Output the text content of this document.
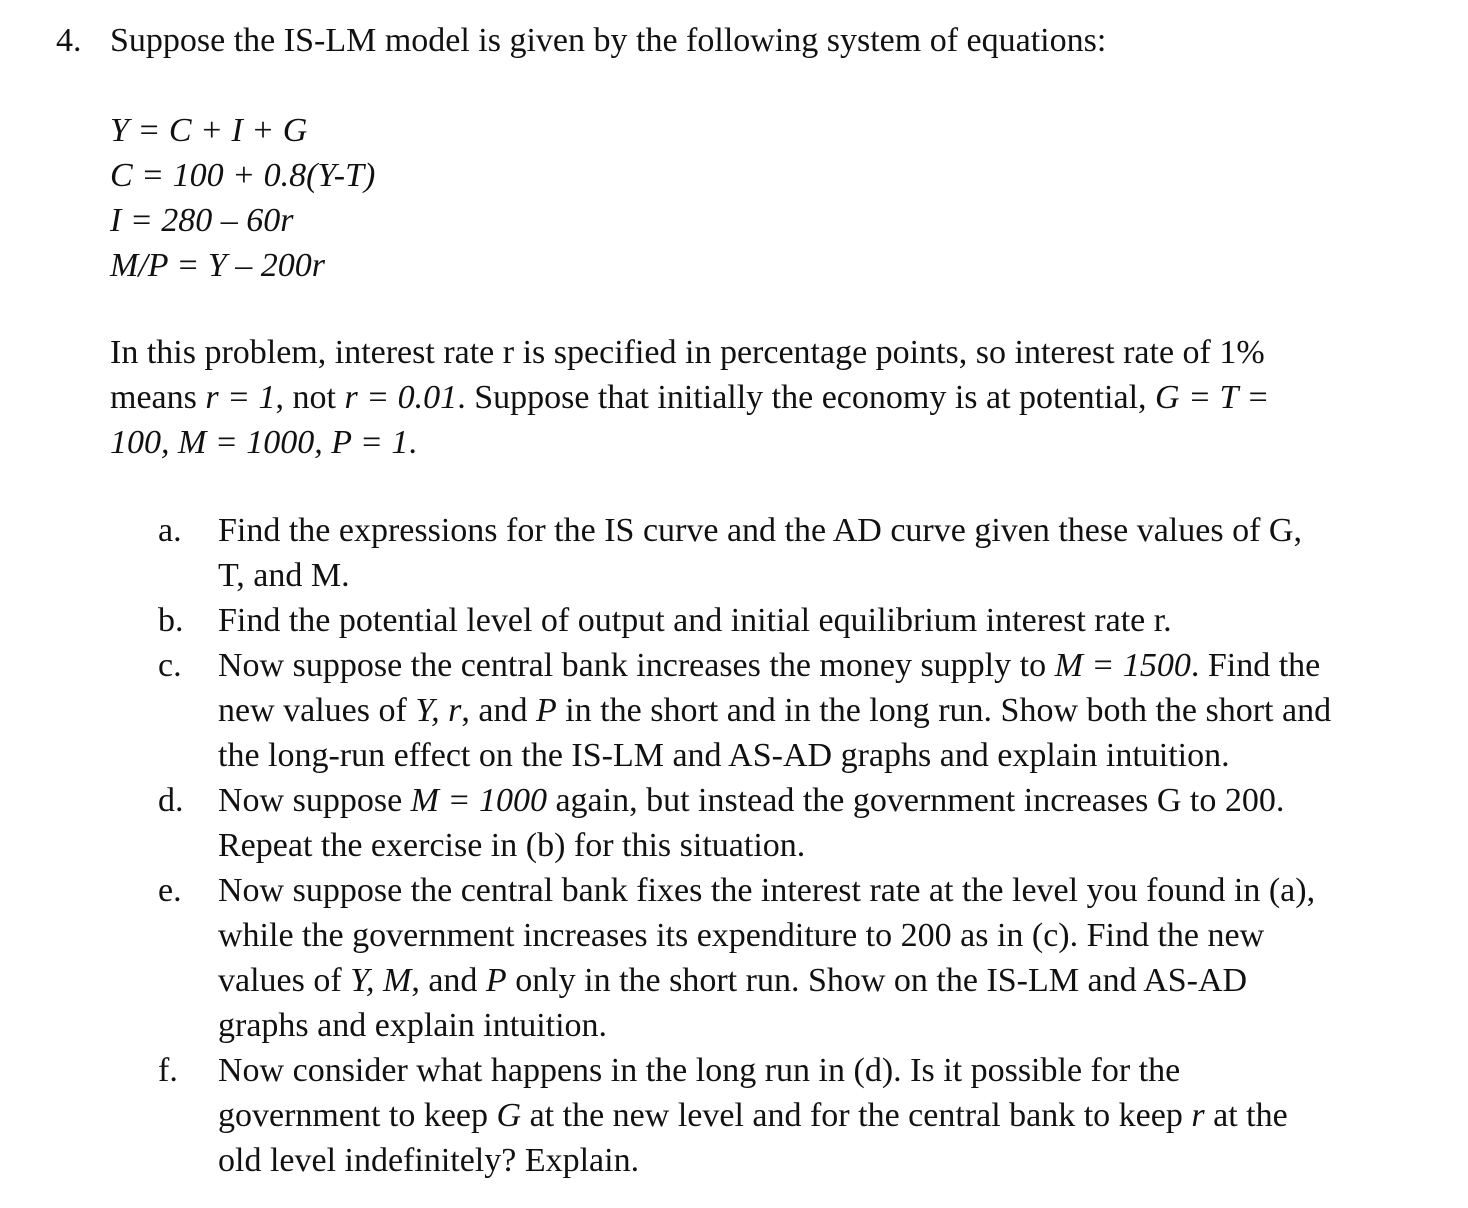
4. Suppose the IS-LM model is given by the following system of equations:
Y = C + I + G
C = 100 + 0.8(Y-T)
I = 280 – 60r
M/P = Y – 200r
In this problem, interest rate r is specified in percentage points, so interest rate of 1%
means r = 1, not r = 0.01. Suppose that initially the economy is at potential, G = T =
100, M = 1000, P = 1.
a.	Find the expressions for the IS curve and the AD curve given these values of G,
T, and M.
b.	Find the potential level of output and initial equilibrium interest rate r.
c.	Now suppose the central bank increases the money supply to M = 1500. Find the
new values of Y, r, and P in the short and in the long run. Show both the short and
the long-run effect on the IS-LM and AS-AD graphs and explain intuition.
d.	Now suppose M = 1000 again, but instead the government increases G to 200.
Repeat the exercise in (b) for this situation.
e.	Now suppose the central bank fixes the interest rate at the level you found in (a),
while the government increases its expenditure to 200 as in (c). Find the new
values of Y, M, and P only in the short run. Show on the IS-LM and AS-AD
graphs and explain intuition.
f.	Now consider what happens in the long run in (d). Is it possible for the
government to keep G at the new level and for the central bank to keep r at the
old level indefinitely? Explain.
